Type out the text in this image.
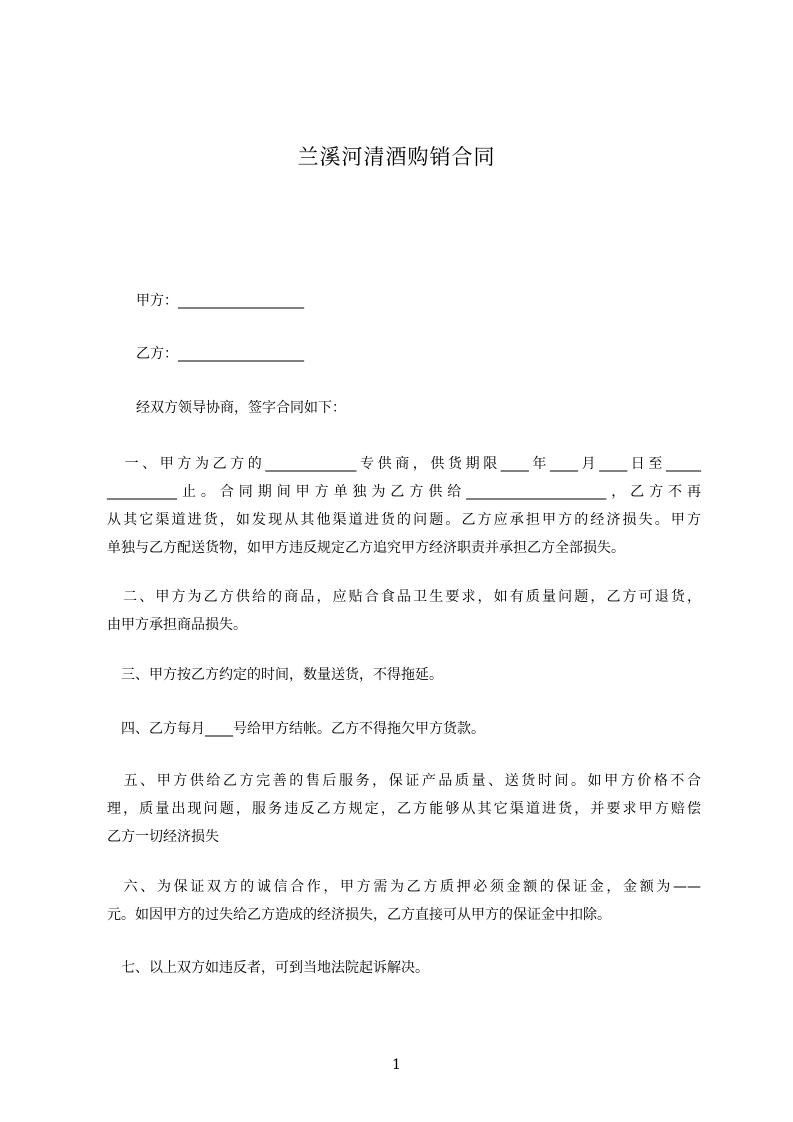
兰溪河清酒购销合同
甲方：__________________
乙方：__________________
经双方领导协商，签字合同如下：
　一、甲方为乙方的_____________专供商，供货期限____年____月____日至_____
__________止。合同期间甲方单独为乙方供给____________________，乙方不再
从其它渠道进货，如发现从其他渠道进货的问题。乙方应承担甲方的经济损失。甲方
单独与乙方配送货物，如甲方违反规定乙方追究甲方经济职责并承担乙方全部损失。
　二、甲方为乙方供给的商品，应贴合食品卫生要求，如有质量问题，乙方可退货，
由甲方承担商品损失。
　三、甲方按乙方约定的时间，数量送货，不得拖延。
　四、乙方每月____号给甲方结帐。乙方不得拖欠甲方货款。
　五、甲方供给乙方完善的售后服务，保证产品质量、送货时间。如甲方价格不合
理，质量出现问题，服务违反乙方规定，乙方能够从其它渠道进货，并要求甲方赔偿
乙方一切经济损失
　六、为保证双方的诚信合作，甲方需为乙方质押必须金额的保证金，金额为——
元。如因甲方的过失给乙方造成的经济损失，乙方直接可从甲方的保证金中扣除。
　七、以上双方如违反者，可到当地法院起诉解决。
1
